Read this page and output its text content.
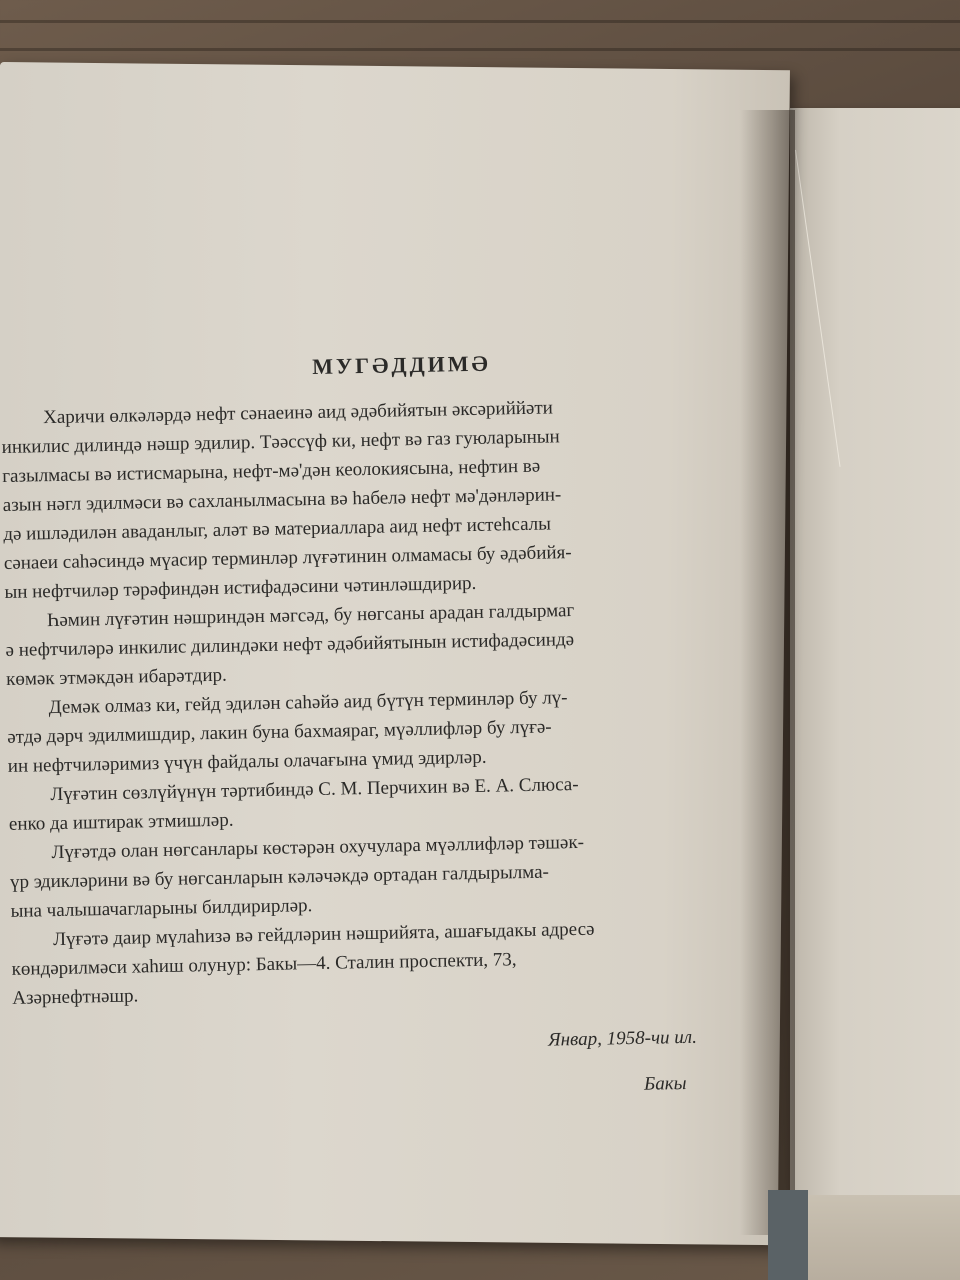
МУГӘДДИМӘ
Харичи өлкәләрдә нефт сәнаеинә аид әдәбийятын әксәриййәти
инкилис дилиндә нәшр эдилир. Тәәссүф ки, нефт вә газ гуюларынын
газылмасы вә истисмарына, нефт-мә'дән кеолокиясына, нефтин вә
азын нәгл эдилмәси вә сахланылмасына вә һабелә нефт мә'дәнләрин-
дә ишләдилән аваданлыг, аләт вә материаллара аид нефт истеһсалы
сәнаеи саһәсиндә мүасир терминләр лүғәтинин олмамасы бу әдәбийя-
ын нефтчиләр тәрәфиндән истифадәсини чәтинләшдирир.
Һәмин лүғәтин нәшриндән мәгсәд, бу нөгсаны арадан галдырмаг
ә нефтчиләрә инкилис дилиндәки нефт әдәбийятынын истифадәсиндә
көмәк этмәкдән ибарәтдир.
Демәк олмаз ки, гейд эдилән саһәйә аид бүтүн терминләр бу лү-
әтдә дәрч эдилмишдир, лакин буна бахмаяраг, мүәллифләр бу лүғә-
ин нефтчиләримиз үчүн файдалы олачағына үмид эдирләр.
Лүғәтин сөзлүйүнүн тәртибиндә С. М. Перчихин вә Е. А. Слюса-
енко да иштирак этмишләр.
Лүғәтдә олан нөгсанлары көстәрән охучулара мүәллифләр тәшәк-
үр эдикләрини вә бу нөгсанларын кәләчәкдә ортадан галдырылма-
ына чалышачагларыны билдирирләр.
Лүғәтә даир мүлаһизә вә гейдләрин нәшрийята, ашағыдакы адресә
көндәрилмәси хаһиш олунур: Бакы—4. Сталин проспекти, 73,
Азәрнефтнәшр.
Январ, 1958-чи ил.
Бакы
